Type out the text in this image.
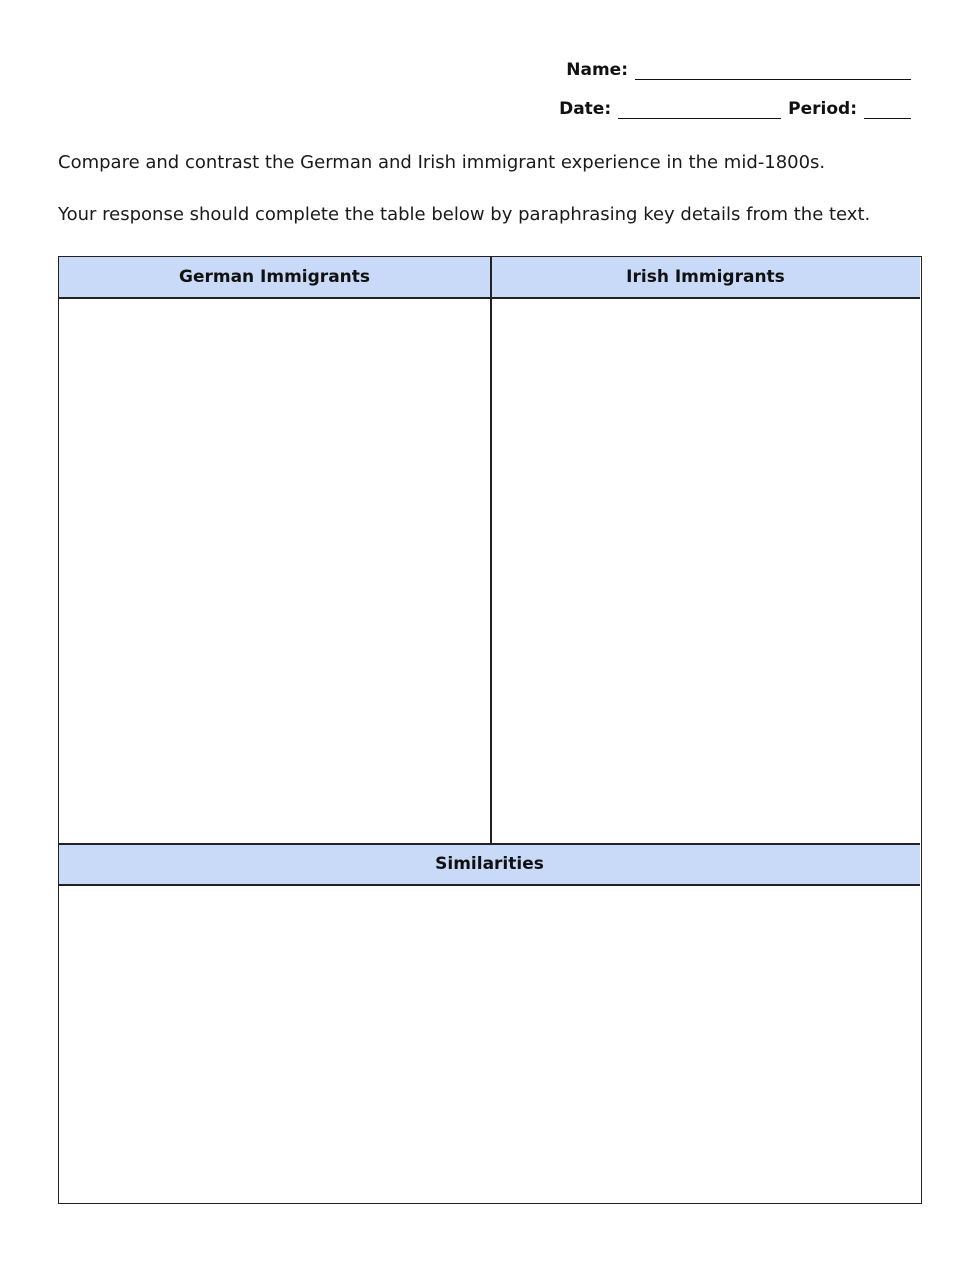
Name:
Date:	Period:
Compare and contrast the German and Irish immigrant experience in the mid-1800s.
Your response should complete the table below by paraphrasing key details from the text.
German Immigrants	Irish Immigrants
Similarities
